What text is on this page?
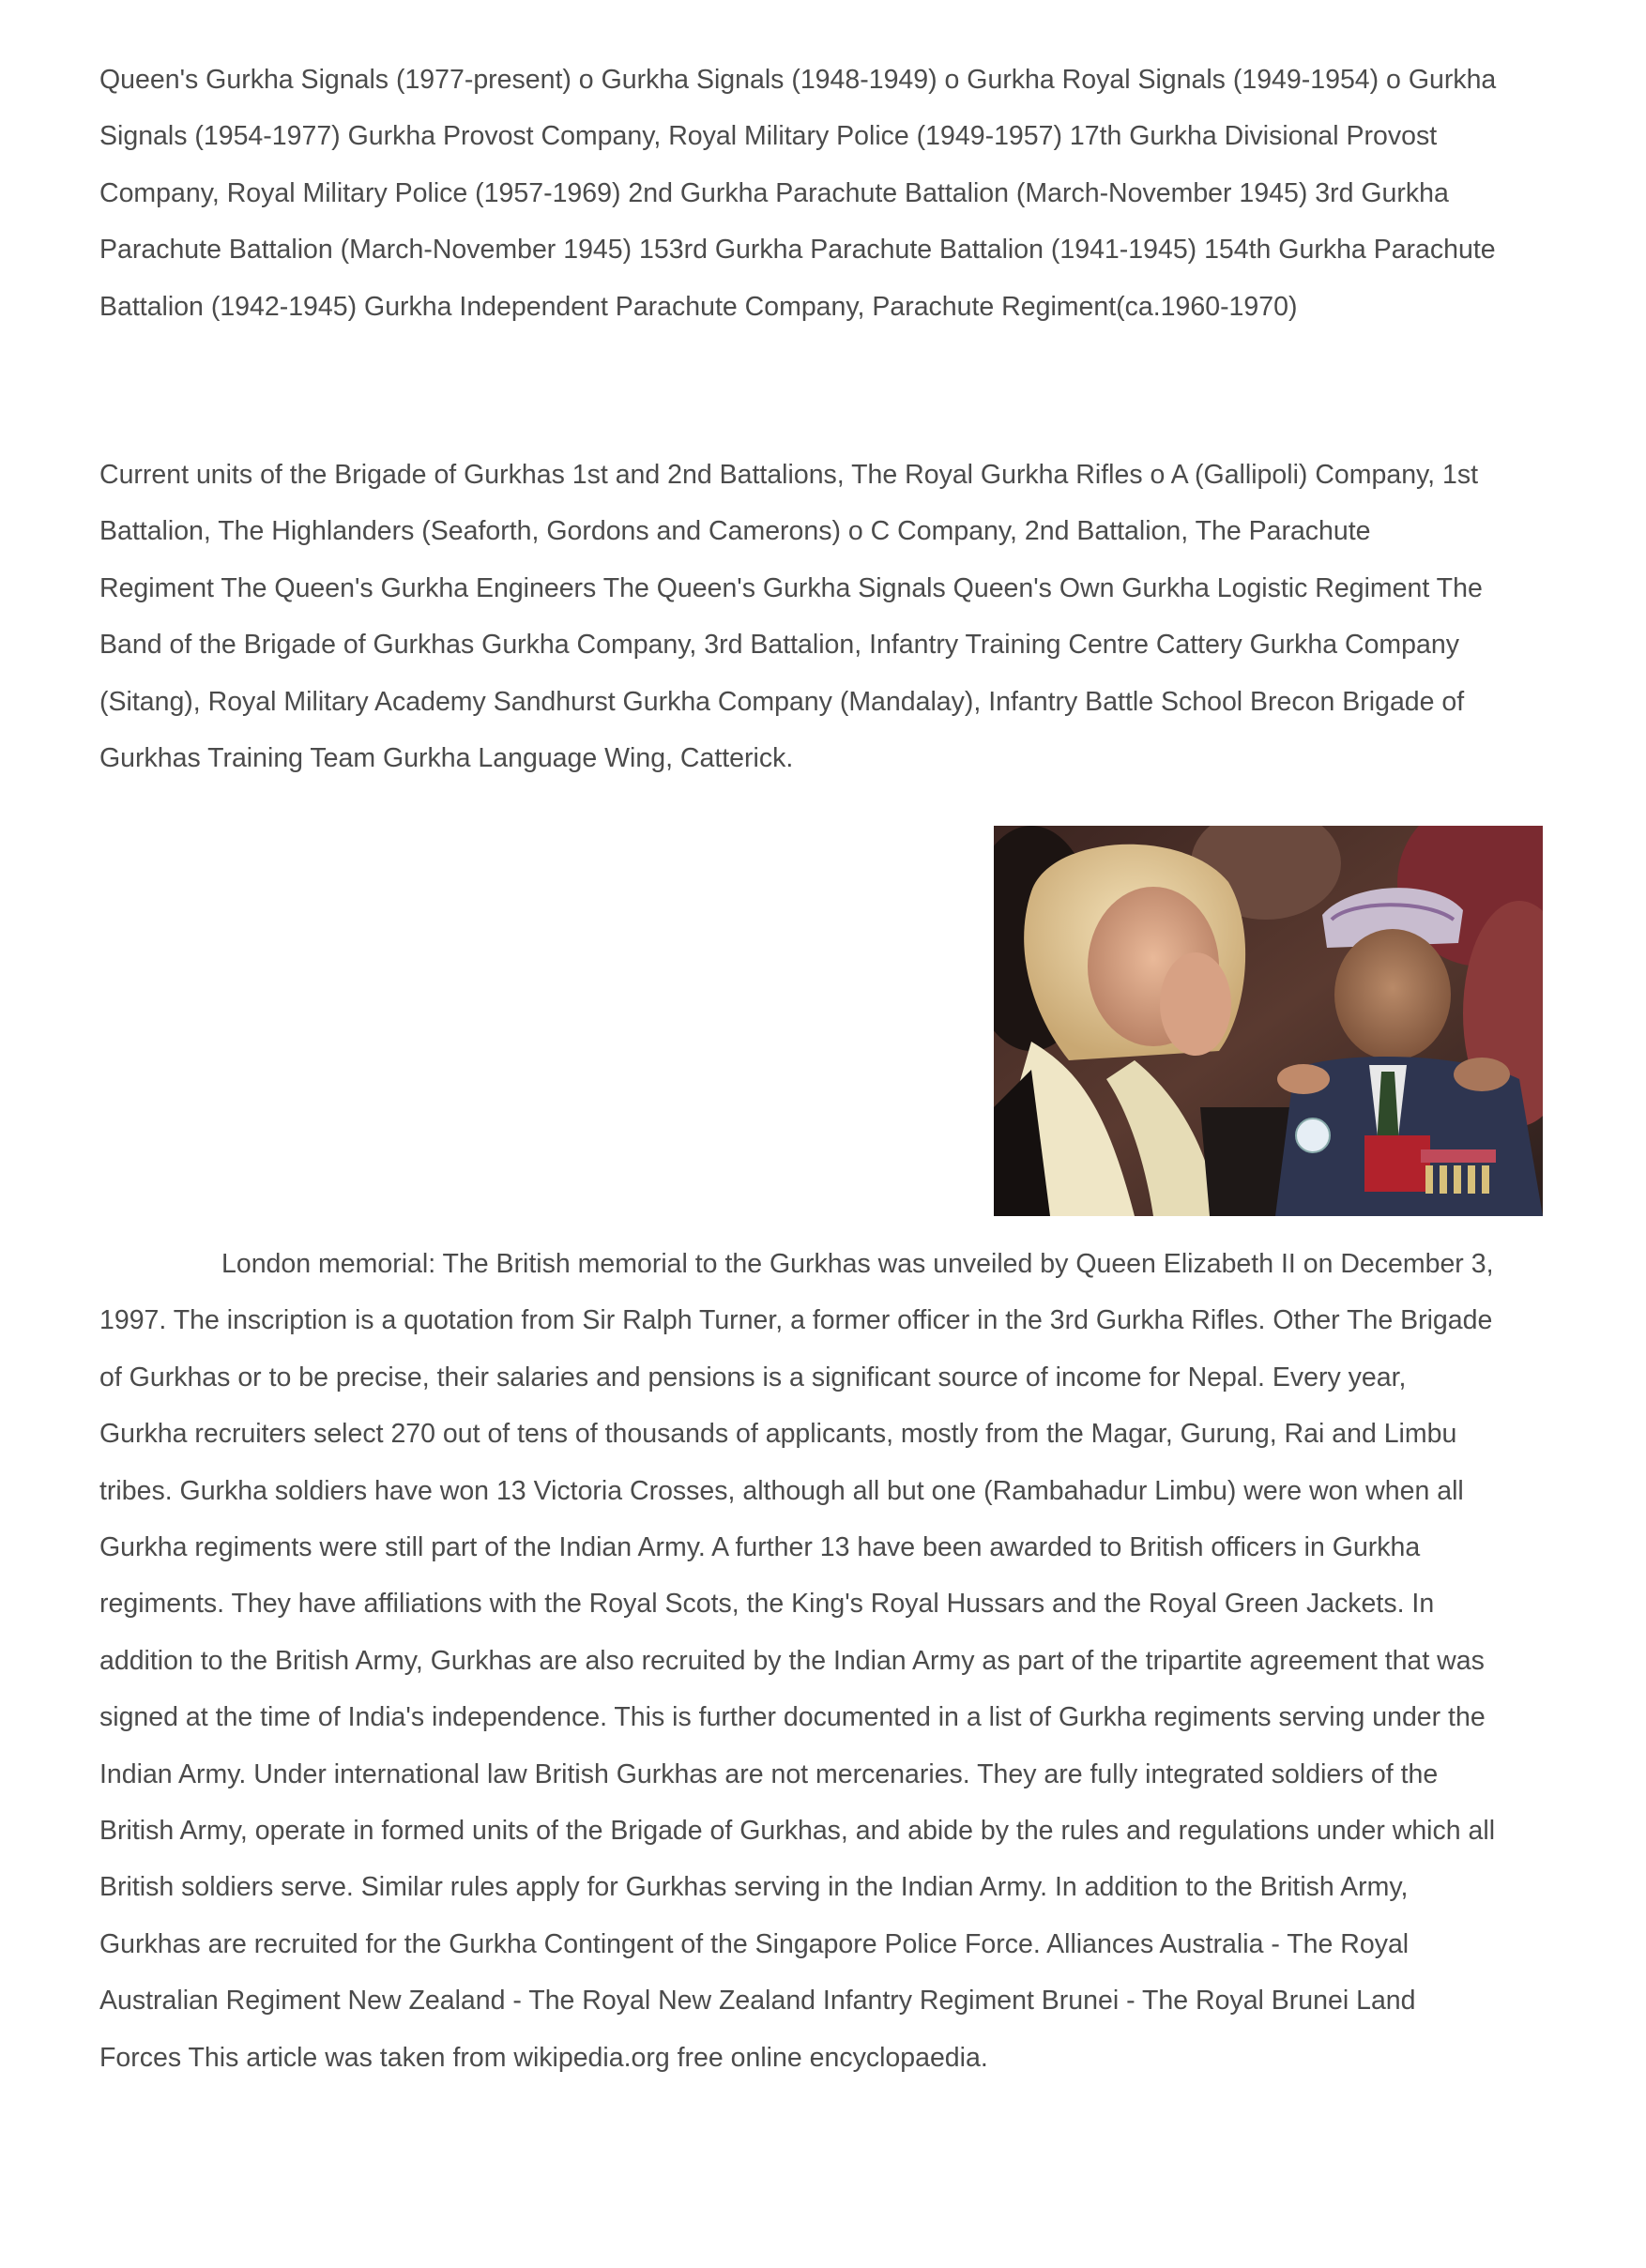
Queen's Gurkha Signals (1977-present) o Gurkha Signals (1948-1949) o Gurkha Royal Signals (1949-1954) o Gurkha
Signals (1954-1977) Gurkha Provost Company, Royal Military Police (1949-1957) 17th Gurkha Divisional Provost
Company, Royal Military Police (1957-1969) 2nd Gurkha Parachute Battalion (March-November 1945) 3rd Gurkha
Parachute Battalion (March-November 1945) 153rd Gurkha Parachute Battalion (1941-1945) 154th Gurkha Parachute
Battalion (1942-1945) Gurkha Independent Parachute Company, Parachute Regiment(ca.1960-1970)

Current units of the Brigade of Gurkhas 1st and 2nd Battalions, The Royal Gurkha Rifles o A (Gallipoli) Company, 1st
Battalion, The Highlanders (Seaforth, Gordons and Camerons) o C Company, 2nd Battalion, The Parachute
Regiment The Queen's Gurkha Engineers The Queen's Gurkha Signals Queen's Own Gurkha Logistic Regiment The
Band of the Brigade of Gurkhas Gurkha Company, 3rd Battalion, Infantry Training Centre Cattery Gurkha Company
(Sitang), Royal Military Academy Sandhurst Gurkha Company (Mandalay), Infantry Battle School Brecon Brigade of
Gurkhas Training Team Gurkha Language Wing, Catterick.

London memorial: The British memorial to the Gurkhas was unveiled by Queen Elizabeth II on December 3,
1997. The inscription is a quotation from Sir Ralph Turner, a former officer in the 3rd Gurkha Rifles. Other The Brigade
of Gurkhas or to be precise, their salaries and pensions is a significant source of income for Nepal. Every year,
Gurkha recruiters select 270 out of tens of thousands of applicants, mostly from the Magar, Gurung, Rai and Limbu
tribes. Gurkha soldiers have won 13 Victoria Crosses, although all but one (Rambahadur Limbu) were won when all
Gurkha regiments were still part of the Indian Army. A further 13 have been awarded to British officers in Gurkha
regiments. They have affiliations with the Royal Scots, the King's Royal Hussars and the Royal Green Jackets. In
addition to the British Army, Gurkhas are also recruited by the Indian Army as part of the tripartite agreement that was
signed at the time of India's independence. This is further documented in a list of Gurkha regiments serving under the
Indian Army. Under international law British Gurkhas are not mercenaries. They are fully integrated soldiers of the
British Army, operate in formed units of the Brigade of Gurkhas, and abide by the rules and regulations under which all
British soldiers serve. Similar rules apply for Gurkhas serving in the Indian Army. In addition to the British Army,
Gurkhas are recruited for the Gurkha Contingent of the Singapore Police Force. Alliances Australia - The Royal
Australian Regiment New Zealand - The Royal New Zealand Infantry Regiment Brunei - The Royal Brunei Land
Forces This article was taken from wikipedia.org free online encyclopaedia.
